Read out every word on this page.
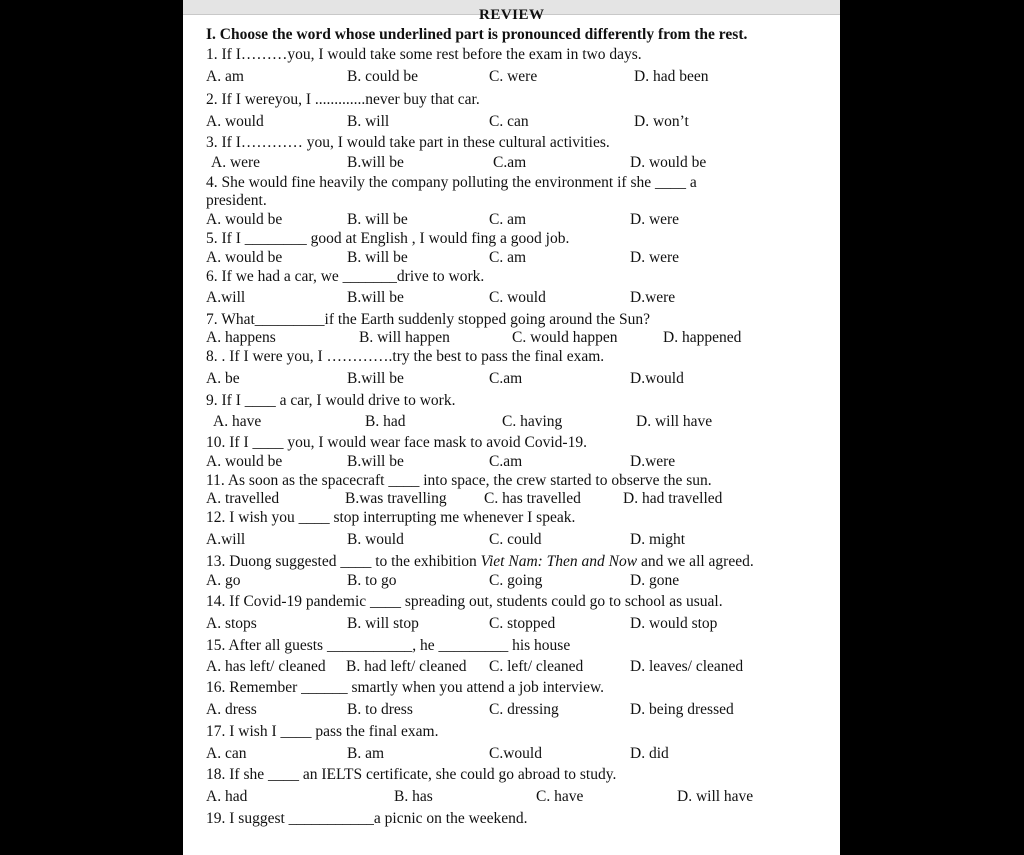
REVIEW
I. Choose the word whose underlined part is pronounced differently from the rest.
1. If I………you, I would take some rest before the exam in two days.
A. am	B. could be	C. were	D. had been
2. If I wereyou, I .............never buy that car.
A. would	B. will	C. can	D. won’t
3. If I………… you, I would take part in these cultural activities.
A. were	B.will be	C.am	D. would be
4. She would fine heavily the company polluting the environment if she ____ a
president.
A. would be	B. will be	C. am	D. were
5. If I ________ good at English , I would fing a good job.
A. would be	B. will be	C. am	D. were
6. If we had a car, we _______drive to work.
A.will	B.will be	C. would	D.were
7. What_________if the Earth suddenly stopped going around the Sun?
A. happens	B. will happen	C. would happen	D. happened
8. . If I were you, I ………….try the best to pass the final exam.
A. be	B.will be	C.am	D.would
9. If I ____ a car, I would drive to work.
A. have	B. had	C. having	D. will have
10. If I ____ you, I would wear face mask to avoid Covid-19.
A. would be	B.will be	C.am	D.were
11. As soon as the spacecraft ____ into space, the crew started to observe the sun.
A. travelled	B.was travelling C. has travelled	D. had travelled
12. I wish you ____ stop interrupting me whenever I speak.
A.will	B. would	C. could	D. might
13. Duong suggested ____ to the exhibition Viet Nam: Then and Now and we all agreed.
A. go	B. to go	C. going	D. gone
14. If Covid-19 pandemic ____ spreading out, students could go to school as usual.
A. stops	B. will stop	C. stopped	D. would stop
15. After all guests ___________, he _________ his house
A. has left/ cleaned B. had left/ cleaned C. left/ cleaned	D. leaves/ cleaned
16. Remember ______ smartly when you attend a job interview.
A. dress	B. to dress	C. dressing	D. being dressed
17. I wish I ____ pass the final exam.
A. can	B. am	C.would	D. did
18. If she ____ an IELTS certificate, she could go abroad to study.
A. had	B. has	C. have	D. will have
19. I suggest ___________a picnic on the weekend.
